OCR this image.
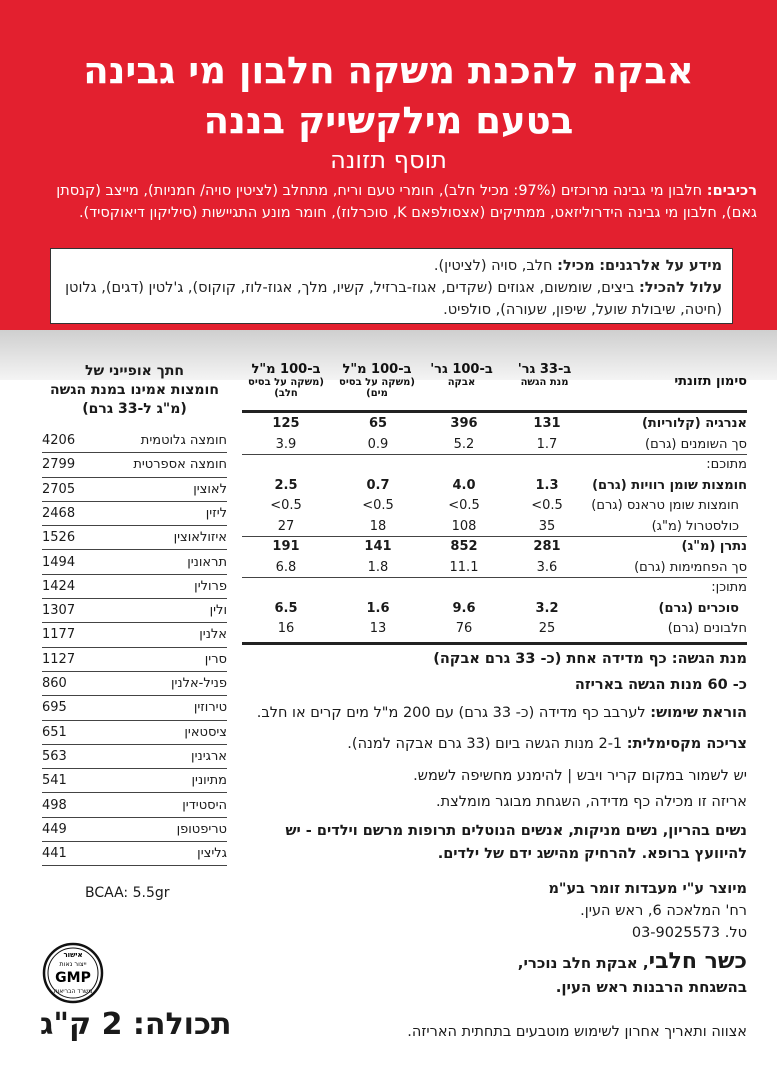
אבקה להכנת משקה חלבון מי גבינה
בטעם מילקשייק בננה
תוסף תזונה
רכיבים: חלבון מי גבינה מרוכזים (97%: מכיל חלב), חומרי טעם וריח, מתחלב (לציטין סויה/ חמניות), מייצב (קנסתן גאם), חלבון מי גבינה הידרוליזאט, ממתיקים (אצסולפאם K, סוכרלוז), חומר מונע התגיישות (סיליקון דיאוקסיד).
מידע על אלרגנים: מכיל: חלב, סויה (לציטין).
עלול להכיל: ביצים, שומשום, אגוזים (שקדים, אגוז-ברזיל, קשיו, מלך, אגוז-לוז, קוקוס), ג'לטין (דגים), גלוטן (חיטה, שיבולת שועל, שיפון, שעורה), סולפיט.
סימון תזונתי
ב-33 גר'
מנת הגשה
ב-100 גר'
אבקה
ב-100 מ"ל
(משקה על בסיס מים)
ב-100 מ"ל
(משקה על בסיס חלב)
אנרגיה (קלוריות)
131
396
65
125
סך השומנים (גרם)
1.7
5.2
0.9
3.9
מתוכם:
חומצות שומן רוויות (גרם)
1.3
4.0
0.7
2.5
חומצות שומן טראנס (גרם)
0.5>
0.5>
0.5>
0.5>
כולסטרול (מ"ג)
35
108
18
27
נתרן (מ"ג)
281
852
141
191
סך הפחמימות (גרם)
3.6
11.1
1.8
6.8
מתוכן:
סוכרים (גרם)
3.2
9.6
1.6
6.5
חלבונים (גרם)
25
76
13
16
חתך אופייני של
חומצות אמינו במנת הגשה
(מ"ג ל-33 גרם)
חומצה גלוטמית
4206
חומצה אספרטית
2799
לאוצין
2705
ליזין
2468
איזולאוצין
1526
תראונין
1494
פרולין
1424
ולין
1307
אלנין
1177
סרין
1127
פניל-אלנין
860
טירוזין
695
ציסטאין
651
ארגינין
563
מתיונין
541
היסטידין
498
טריפטופן
449
גליצין
441
BCAA: 5.5gr
מנת הגשה: כף מדידה אחת (כ- 33 גרם אבקה)
כ- 60 מנות הגשה באריזה
הוראת שימוש: לערבב כף מדידה (כ- 33 גרם) עם 200 מ"ל מים קרים או חלב.
צריכה מקסימלית: 2-1 מנות הגשה ביום (33 גרם אבקה למנה).
יש לשמור במקום קריר ויבש | להימנע מחשיפה לשמש.
אריזה זו מכילה כף מדידה, השגחת מבוגר מומלצת.
נשים בהריון, נשים מניקות, אנשים הנוטלים תרופות מרשם וילדים - יש
להיוועץ ברופא. להרחיק מהישג ידם של ילדים.
מיוצר ע"י מעבדות זומר בע"מ
רח' המלאכה 6, ראש העין.
טל. 03-9025573
כשר חלבי, אבקת חלב נוכרי,
בהשגחת הרבנות ראש העין.
אישור
ייצור נאות
GMP
משרד הבריאות
תכולה: 2 ק"ג	אצווה ותאריך אחרון לשימוש מוטבעים בתחתית האריזה.
